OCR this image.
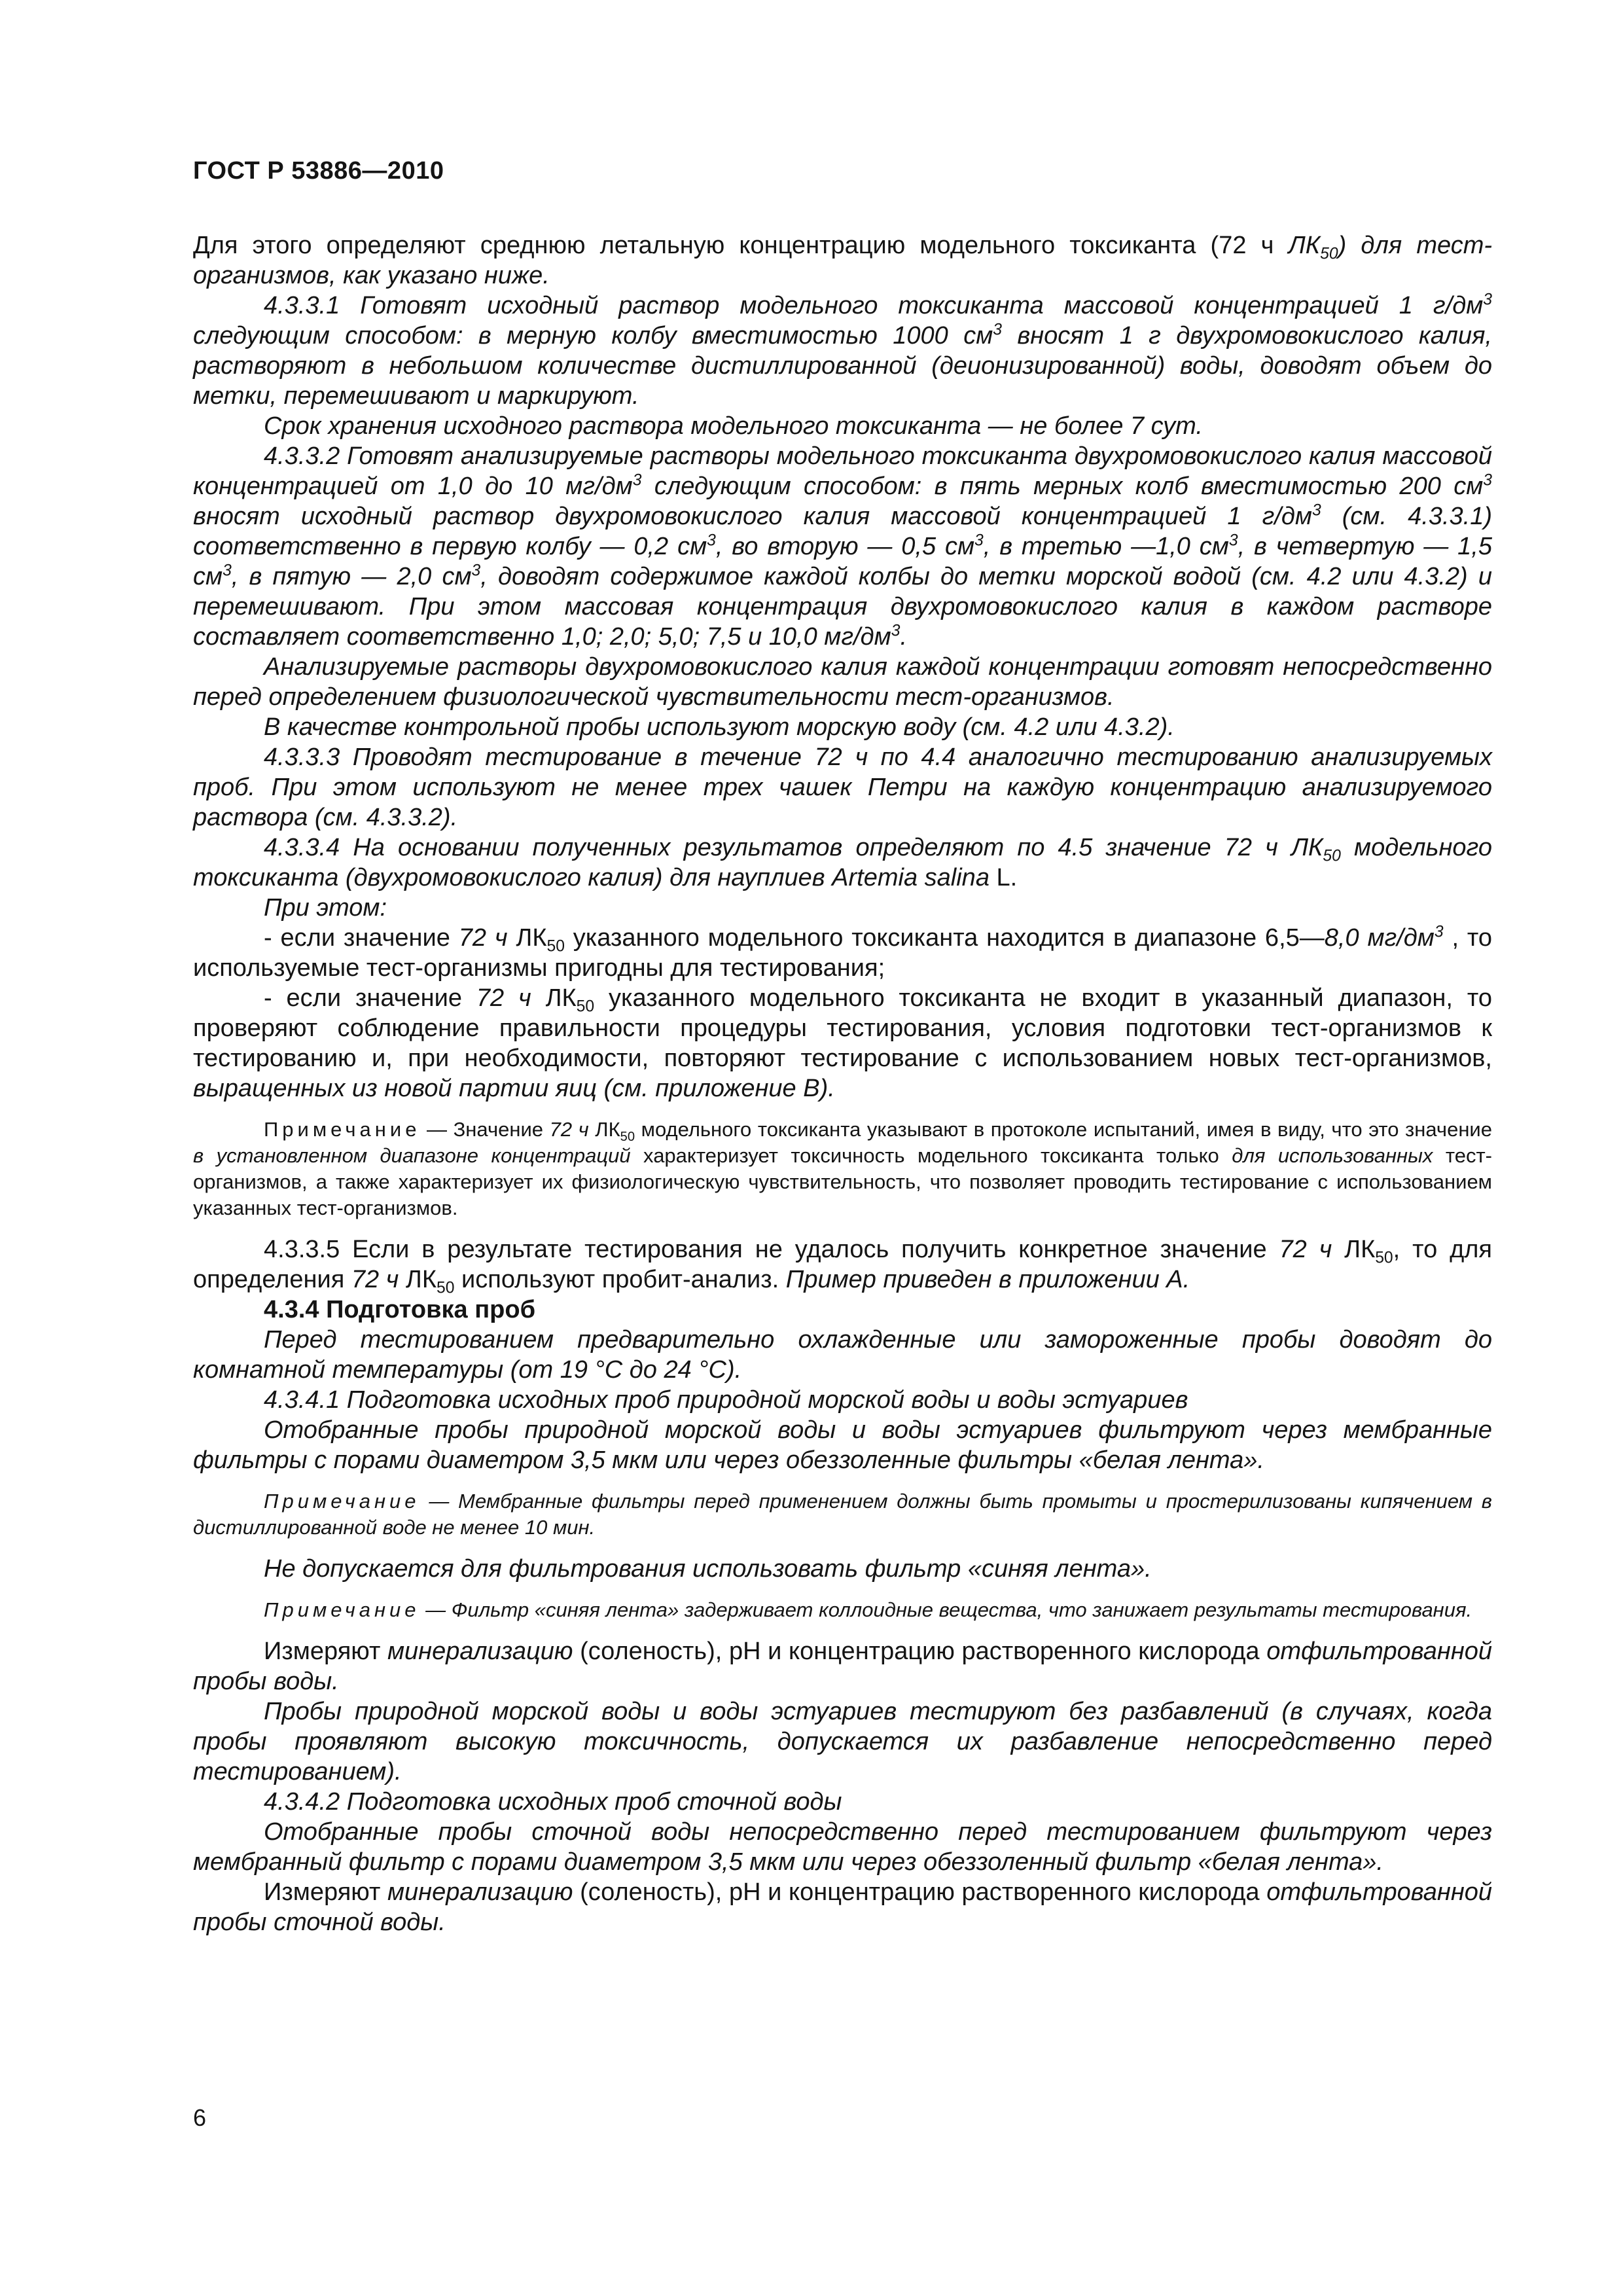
ГОСТ Р 53886—2010

Для этого определяют среднюю летальную концентрацию модельного токсиканта (72 ч $ЛК_{50}$) для тест-организмов, как указано ниже.

4.3.3.1 Готовят исходный раствор модельного токсиканта массовой концентрацией 1 $г/дм^3$ следующим способом: в мерную колбу вместимостью 1000 $см^3$ вносят 1 г двухромовокислого калия, растворяют в небольшом количестве дистиллированной (деионизированной) воды, доводят объем до метки, перемешивают и маркируют.

Срок хранения исходного раствора модельного токсиканта — не более 7 сут.

4.3.3.2 Готовят анализируемые растворы модельного токсиканта двухромовокислого калия массовой концентрацией от 1,0 до 10 $мг/дм^3$ следующим способом: в пять мерных колб вместимостью 200 $см^3$ вносят исходный раствор двухромовокислого калия массовой концентрацией 1 $г/дм^3$ (см. 4.3.3.1) соответственно в первую колбу — 0,2 $см^3$, во вторую — 0,5 $см^3$, в третью —1,0 $см^3$, в четвертую — 1,5 $см^3$, в пятую — 2,0 $см^3$, доводят содержимое каждой колбы до метки морской водой (см. 4.2 или 4.3.2) и перемешивают. При этом массовая концентрация двухромовокислого калия в каждом растворе составляет соответственно 1,0; 2,0; 5,0; 7,5 и 10,0 $мг/дм^3$.

Анализируемые растворы двухромовокислого калия каждой концентрации готовят непосредственно перед определением физиологической чувствительности тест-организмов.

В качестве контрольной пробы используют морскую воду (см. 4.2 или 4.3.2).

4.3.3.3 Проводят тестирование в течение 72 ч по 4.4 аналогично тестированию анализируемых проб. При этом используют не менее трех чашек Петри на каждую концентрацию анализируемого раствора (см. 4.3.3.2).

4.3.3.4 На основании полученных результатов определяют по 4.5 значение 72 ч $ЛК_{50}$ модельного токсиканта (двухромовокислого калия) для науплиев Artemia salina L.

При этом:

- если значение 72 ч $ЛК_{50}$ указанного модельного токсиканта находится в диапазоне 6,5—8,0 $мг/дм^3$ , то используемые тест-организмы пригодны для тестирования;

- если значение 72 ч $ЛК_{50}$ указанного модельного токсиканта не входит в указанный диапазон, то проверяют соблюдение правильности процедуры тестирования, условия подготовки тест-организмов к тестированию и, при необходимости, повторяют тестирование с использованием новых тест-организмов, выращенных из новой партии яиц (см. приложение В).

Примечание — Значение 72 ч $ЛК_{50}$ модельного токсиканта указывают в протоколе испытаний, имея в виду, что это значение в установленном диапазоне концентраций характеризует токсичность модельного токсиканта только для использованных тест-организмов, а также характеризует их физиологическую чувствительность, что позволяет проводить тестирование с использованием указанных тест-организмов.

4.3.3.5 Если в результате тестирования не удалось получить конкретное значение 72 ч $ЛК_{50}$, то для определения 72 ч $ЛК_{50}$ используют пробит-анализ. Пример приведен в приложении А.

4.3.4 Подготовка проб

Перед тестированием предварительно охлажденные или замороженные пробы доводят до комнатной температуры (от 19 °С до 24 °С).

4.3.4.1 Подготовка исходных проб природной морской воды и воды эстуариев

Отобранные пробы природной морской воды и воды эстуариев фильтруют через мембранные фильтры с порами диаметром 3,5 мкм или через обеззоленные фильтры «белая лента».

Примечание — Мембранные фильтры перед применением должны быть промыты и простерилизованы кипячением в дистиллированной воде не менее 10 мин.

Не допускается для фильтрования использовать фильтр «синяя лента».

Примечание — Фильтр «синяя лента» задерживает коллоидные вещества, что занижает результаты тестирования.

Измеряют минерализацию (соленость), рН и концентрацию растворенного кислорода отфильтрованной пробы воды.

Пробы природной морской воды и воды эстуариев тестируют без разбавлений (в случаях, когда пробы проявляют высокую токсичность, допускается их разбавление непосредственно перед тестированием).

4.3.4.2 Подготовка исходных проб сточной воды

Отобранные пробы сточной воды непосредственно перед тестированием фильтруют через мембранный фильтр с порами диаметром 3,5 мкм или через обеззоленный фильтр «белая лента».

Измеряют минерализацию (соленость), рН и концентрацию растворенного кислорода отфильтрованной пробы сточной воды.

6
